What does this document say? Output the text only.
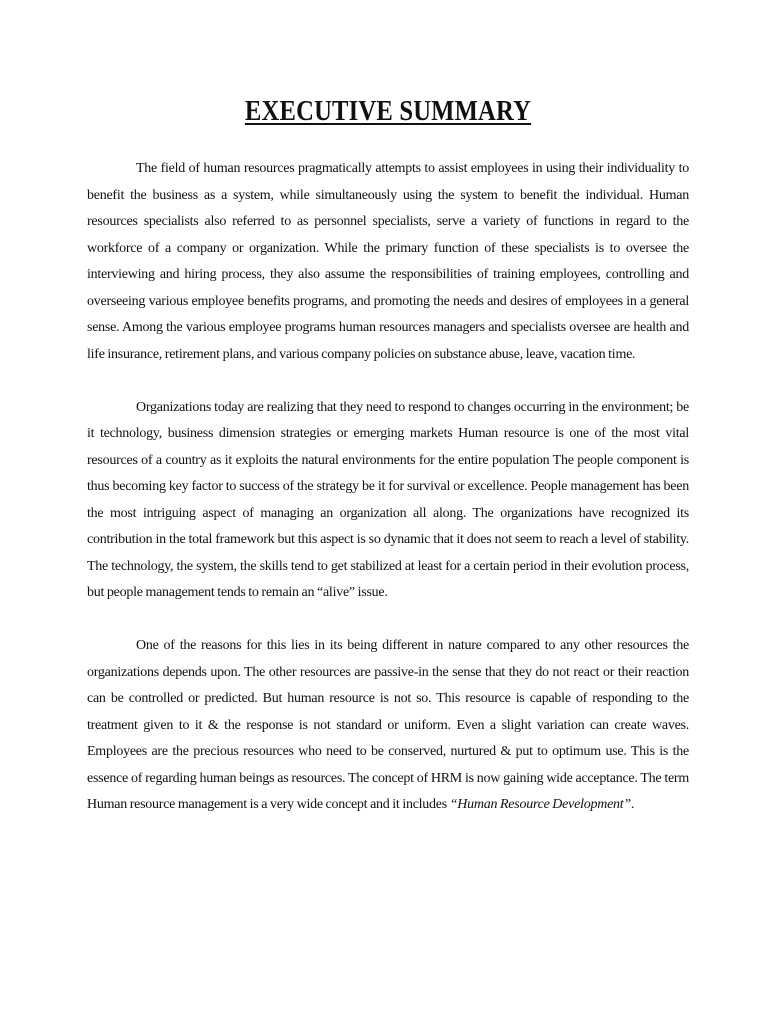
EXECUTIVE SUMMARY

The field of human resources pragmatically attempts to assist employees in using their individuality to benefit the business as a system, while simultaneously using the system to benefit the individual. Human resources specialists also referred to as personnel specialists, serve a variety of functions in regard to the workforce of a company or organization. While the primary function of these specialists is to oversee the interviewing and hiring process, they also assume the responsibilities of training employees, controlling and overseeing various employee benefits programs, and promoting the needs and desires of employees in a general sense. Among the various employee programs human resources managers and specialists oversee are health and life insurance, retirement plans, and various company policies on substance abuse, leave, vacation time.

Organizations today are realizing that they need to respond to changes occurring in the environment; be it technology, business dimension strategies or emerging markets Human resource is one of the most vital resources of a country as it exploits the natural environments for the entire population The people component is thus becoming key factor to success of the strategy be it for survival or excellence. People management has been the most intriguing aspect of managing an organization all along. The organizations have recognized its contribution in the total framework but this aspect is so dynamic that it does not seem to reach a level of stability. The technology, the system, the skills tend to get stabilized at least for a certain period in their evolution process, but people management tends to remain an “alive” issue.

One of the reasons for this lies in its being different in nature compared to any other resources the organizations depends upon. The other resources are passive-in the sense that they do not react or their reaction can be controlled or predicted. But human resource is not so. This resource is capable of responding to the treatment given to it & the response is not standard or uniform. Even a slight variation can create waves. Employees are the precious resources who need to be conserved, nurtured & put to optimum use. This is the essence of regarding human beings as resources. The concept of HRM is now gaining wide acceptance. The term Human resource management is a very wide concept and it includes “Human Resource Development”.
